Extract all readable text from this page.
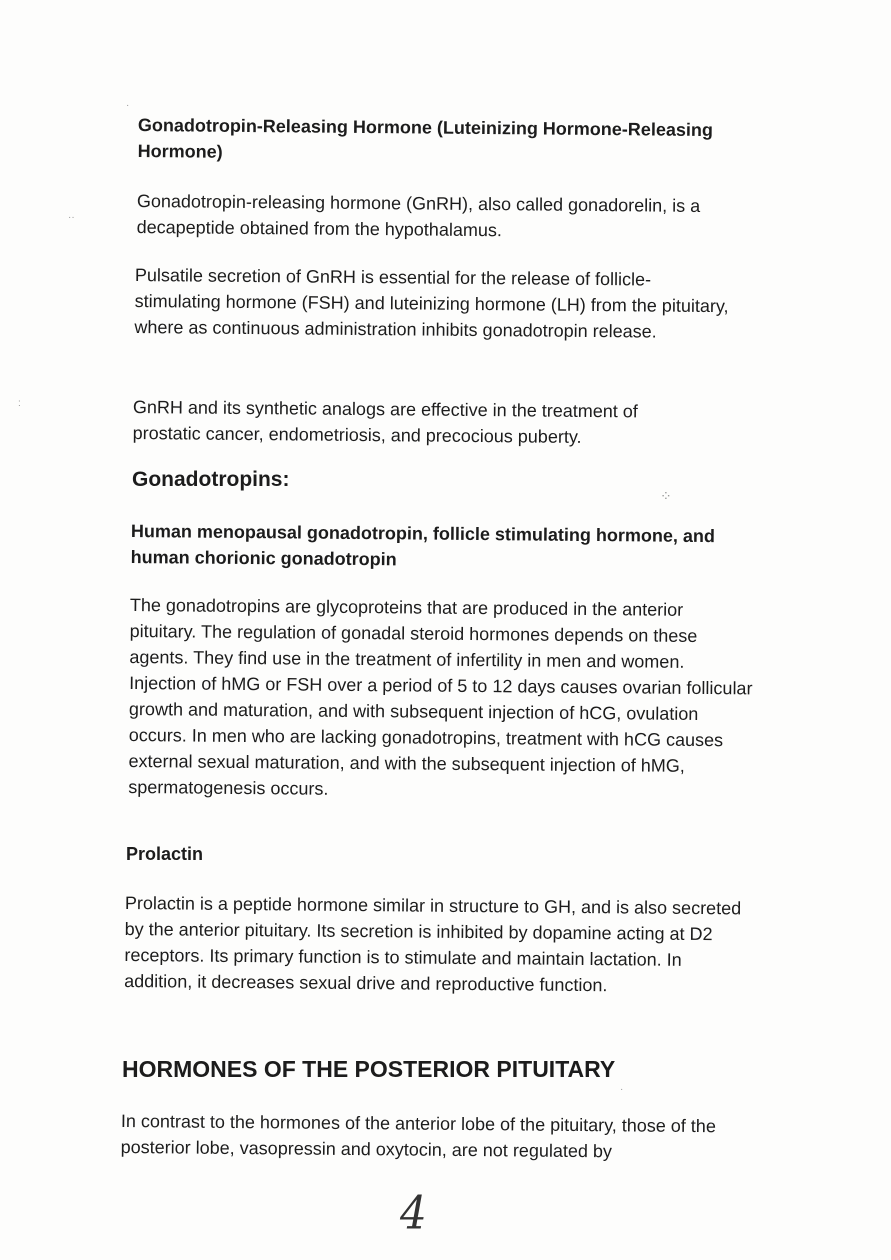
·
··
:
⁘
·

Gonadotropin-Releasing Hormone (Luteinizing Hormone-Releasing Hormone)

Gonadotropin-releasing hormone (GnRH), also called gonadorelin, is a decapeptide obtained from the hypothalamus.

Pulsatile secretion of GnRH is essential for the release of follicle-stimulating hormone (FSH) and luteinizing hormone (LH) from the pituitary, where as continuous administration inhibits gonadotropin release.

GnRH and its synthetic analogs are effective in the treatment of prostatic cancer, endometriosis, and precocious puberty.

Gonadotropins:

Human menopausal gonadotropin, follicle stimulating hormone, and human chorionic gonadotropin

The gonadotropins are glycoproteins that are produced in the anterior pituitary. The regulation of gonadal steroid hormones depends on these agents. They find use in the treatment of infertility in men and women. Injection of hMG or FSH over a period of 5 to 12 days causes ovarian follicular growth and maturation, and with subsequent injection of hCG, ovulation occurs. In men who are lacking gonadotropins, treatment with hCG causes external sexual maturation, and with the subsequent injection of hMG, spermatogenesis occurs.

Prolactin

Prolactin is a peptide hormone similar in structure to GH, and is also secreted by the anterior pituitary. Its secretion is inhibited by dopamine acting at D2 receptors. Its primary function is to stimulate and maintain lactation. In addition, it decreases sexual drive and reproductive function.

HORMONES OF THE POSTERIOR PITUITARY

In contrast to the hormones of the anterior lobe of the pituitary, those of the posterior lobe, vasopressin and oxytocin, are not regulated by

4
